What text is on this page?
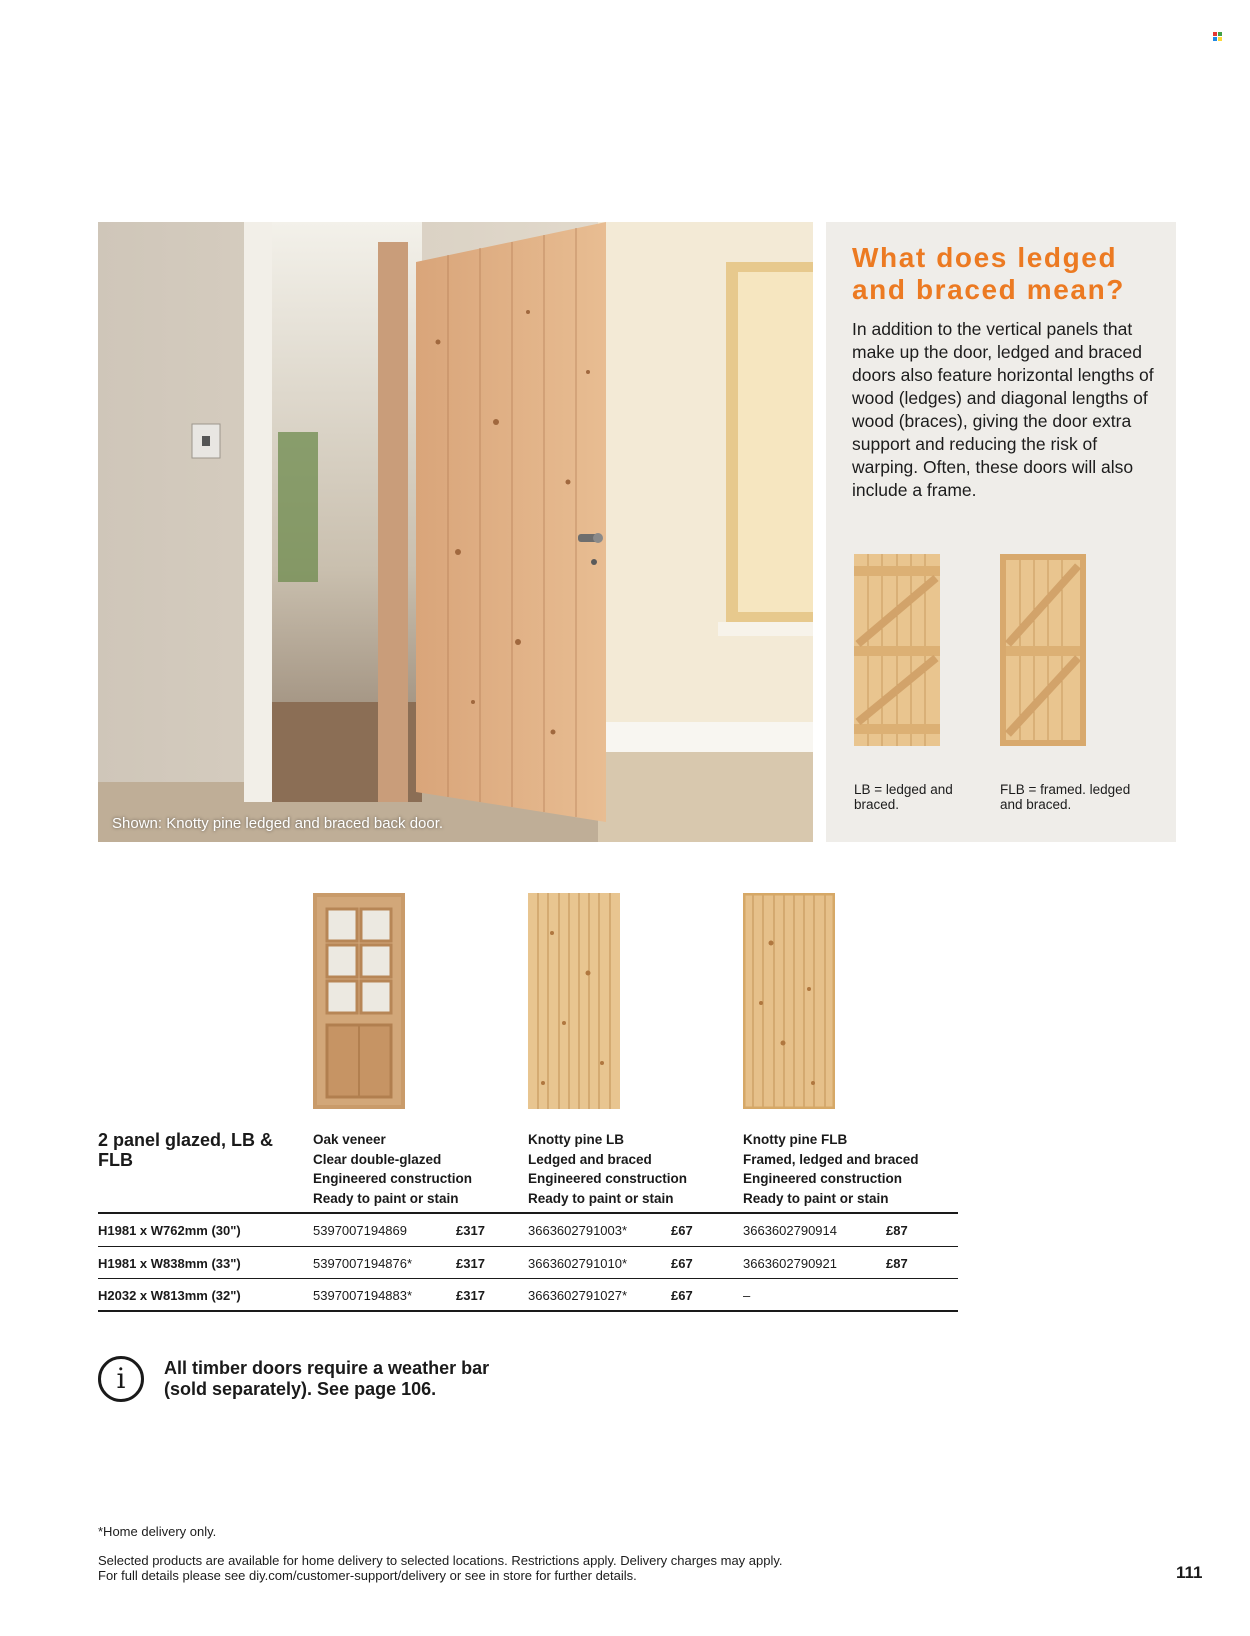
Shown: Knotty pine ledged and braced back door.
What does ledged and braced mean?
In addition to the vertical panels that make up the door, ledged and braced doors also feature horizontal lengths of wood (ledges) and diagonal lengths of wood (braces), giving the door extra support and reducing the risk of warping. Often, these doors will also include a frame.
LB = ledged and braced.
FLB = framed. ledged and braced.
2 panel glazed, LB & FLB
Oak veneer
Clear double-glazed
Engineered construction
Ready to paint or stain
Knotty pine LB
Ledged and braced
Engineered construction
Ready to paint or stain
Knotty pine FLB
Framed, ledged and braced
Engineered construction
Ready to paint or stain
H1981 x W762mm (30")	5397007194869	£317	3663602791003*	£67	3663602790914	£87
H1981 x W838mm (33")	5397007194876*	£317	3663602791010*	£67	3663602790921	£87
H2032 x W813mm (32")	5397007194883*	£317	3663602791027*	£67	–
i	All timber doors require a weather bar (sold separately). See page 106.
*Home delivery only.
Selected products are available for home delivery to selected locations. Restrictions apply. Delivery charges may apply.
For full details please see diy.com/customer-support/delivery or see in store for further details.	111
